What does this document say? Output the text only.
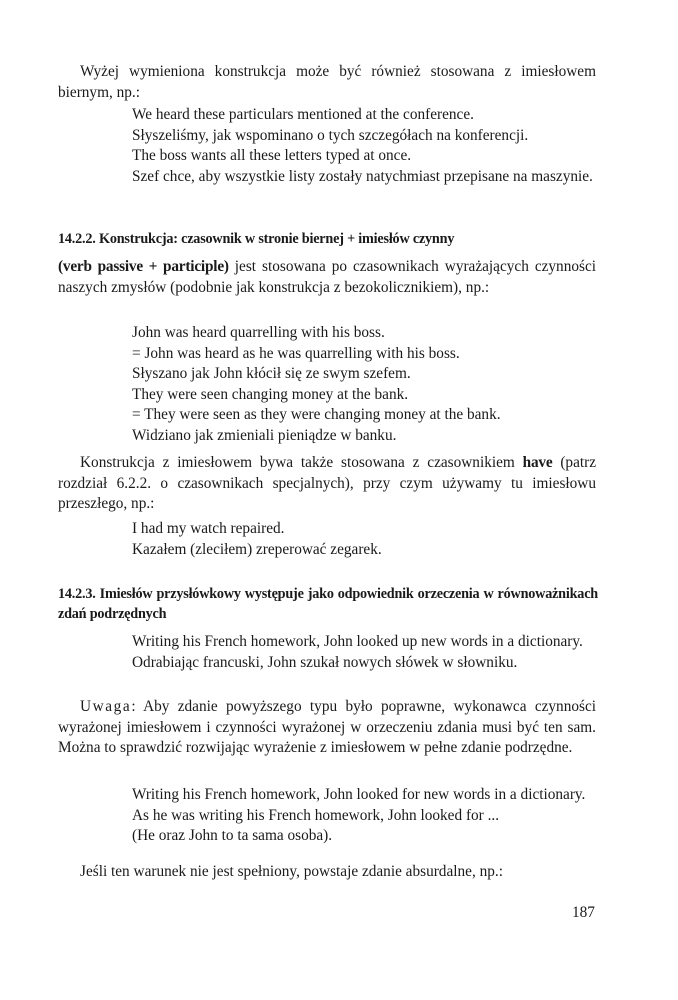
Wyżej wymieniona konstrukcja może być również stosowana z imiesłowem biernym, np.:
We heard these particulars mentioned at the conference.
Słyszeliśmy, jak wspominano o tych szczegółach na konferencji.
The boss wants all these letters typed at once.
Szef chce, aby wszystkie listy zostały natychmiast przepisane na maszynie.
14.2.2. Konstrukcja: czasownik w stronie biernej + imiesłów czynny
(verb passive + participle) jest stosowana po czasownikach wyrażających czynności naszych zmysłów (podobnie jak konstrukcja z bezokolicznikiem), np.:
John was heard quarrelling with his boss.
= John was heard as he was quarrelling with his boss.
Słyszano jak John kłócił się ze swym szefem.
They were seen changing money at the bank.
= They were seen as they were changing money at the bank.
Widziano jak zmieniali pieniądze w banku.
Konstrukcja z imiesłowem bywa także stosowana z czasownikiem have (patrz rozdział 6.2.2. o czasownikach specjalnych), przy czym używamy tu imiesłowu przeszłego, np.:
I had my watch repaired.
Kazałem (zleciłem) zreperować zegarek.
14.2.3. Imiesłów przysłówkowy występuje jako odpowiednik orzeczenia w równoważnikach zdań podrzędnych
Writing his French homework, John looked up new words in a dictionary.
Odrabiając francuski, John szukał nowych słówek w słowniku.
Uwaga: Aby zdanie powyższego typu było poprawne, wykonawca czynności wyrażonej imiesłowem i czynności wyrażonej w orzeczeniu zdania musi być ten sam. Można to sprawdzić rozwijając wyrażenie z imiesłowem w pełne zdanie podrzędne.
Writing his French homework, John looked for new words in a dictionary.
As he was writing his French homework, John looked for ...
(He oraz John to ta sama osoba).
Jeśli ten warunek nie jest spełniony, powstaje zdanie absurdalne, np.:
187
